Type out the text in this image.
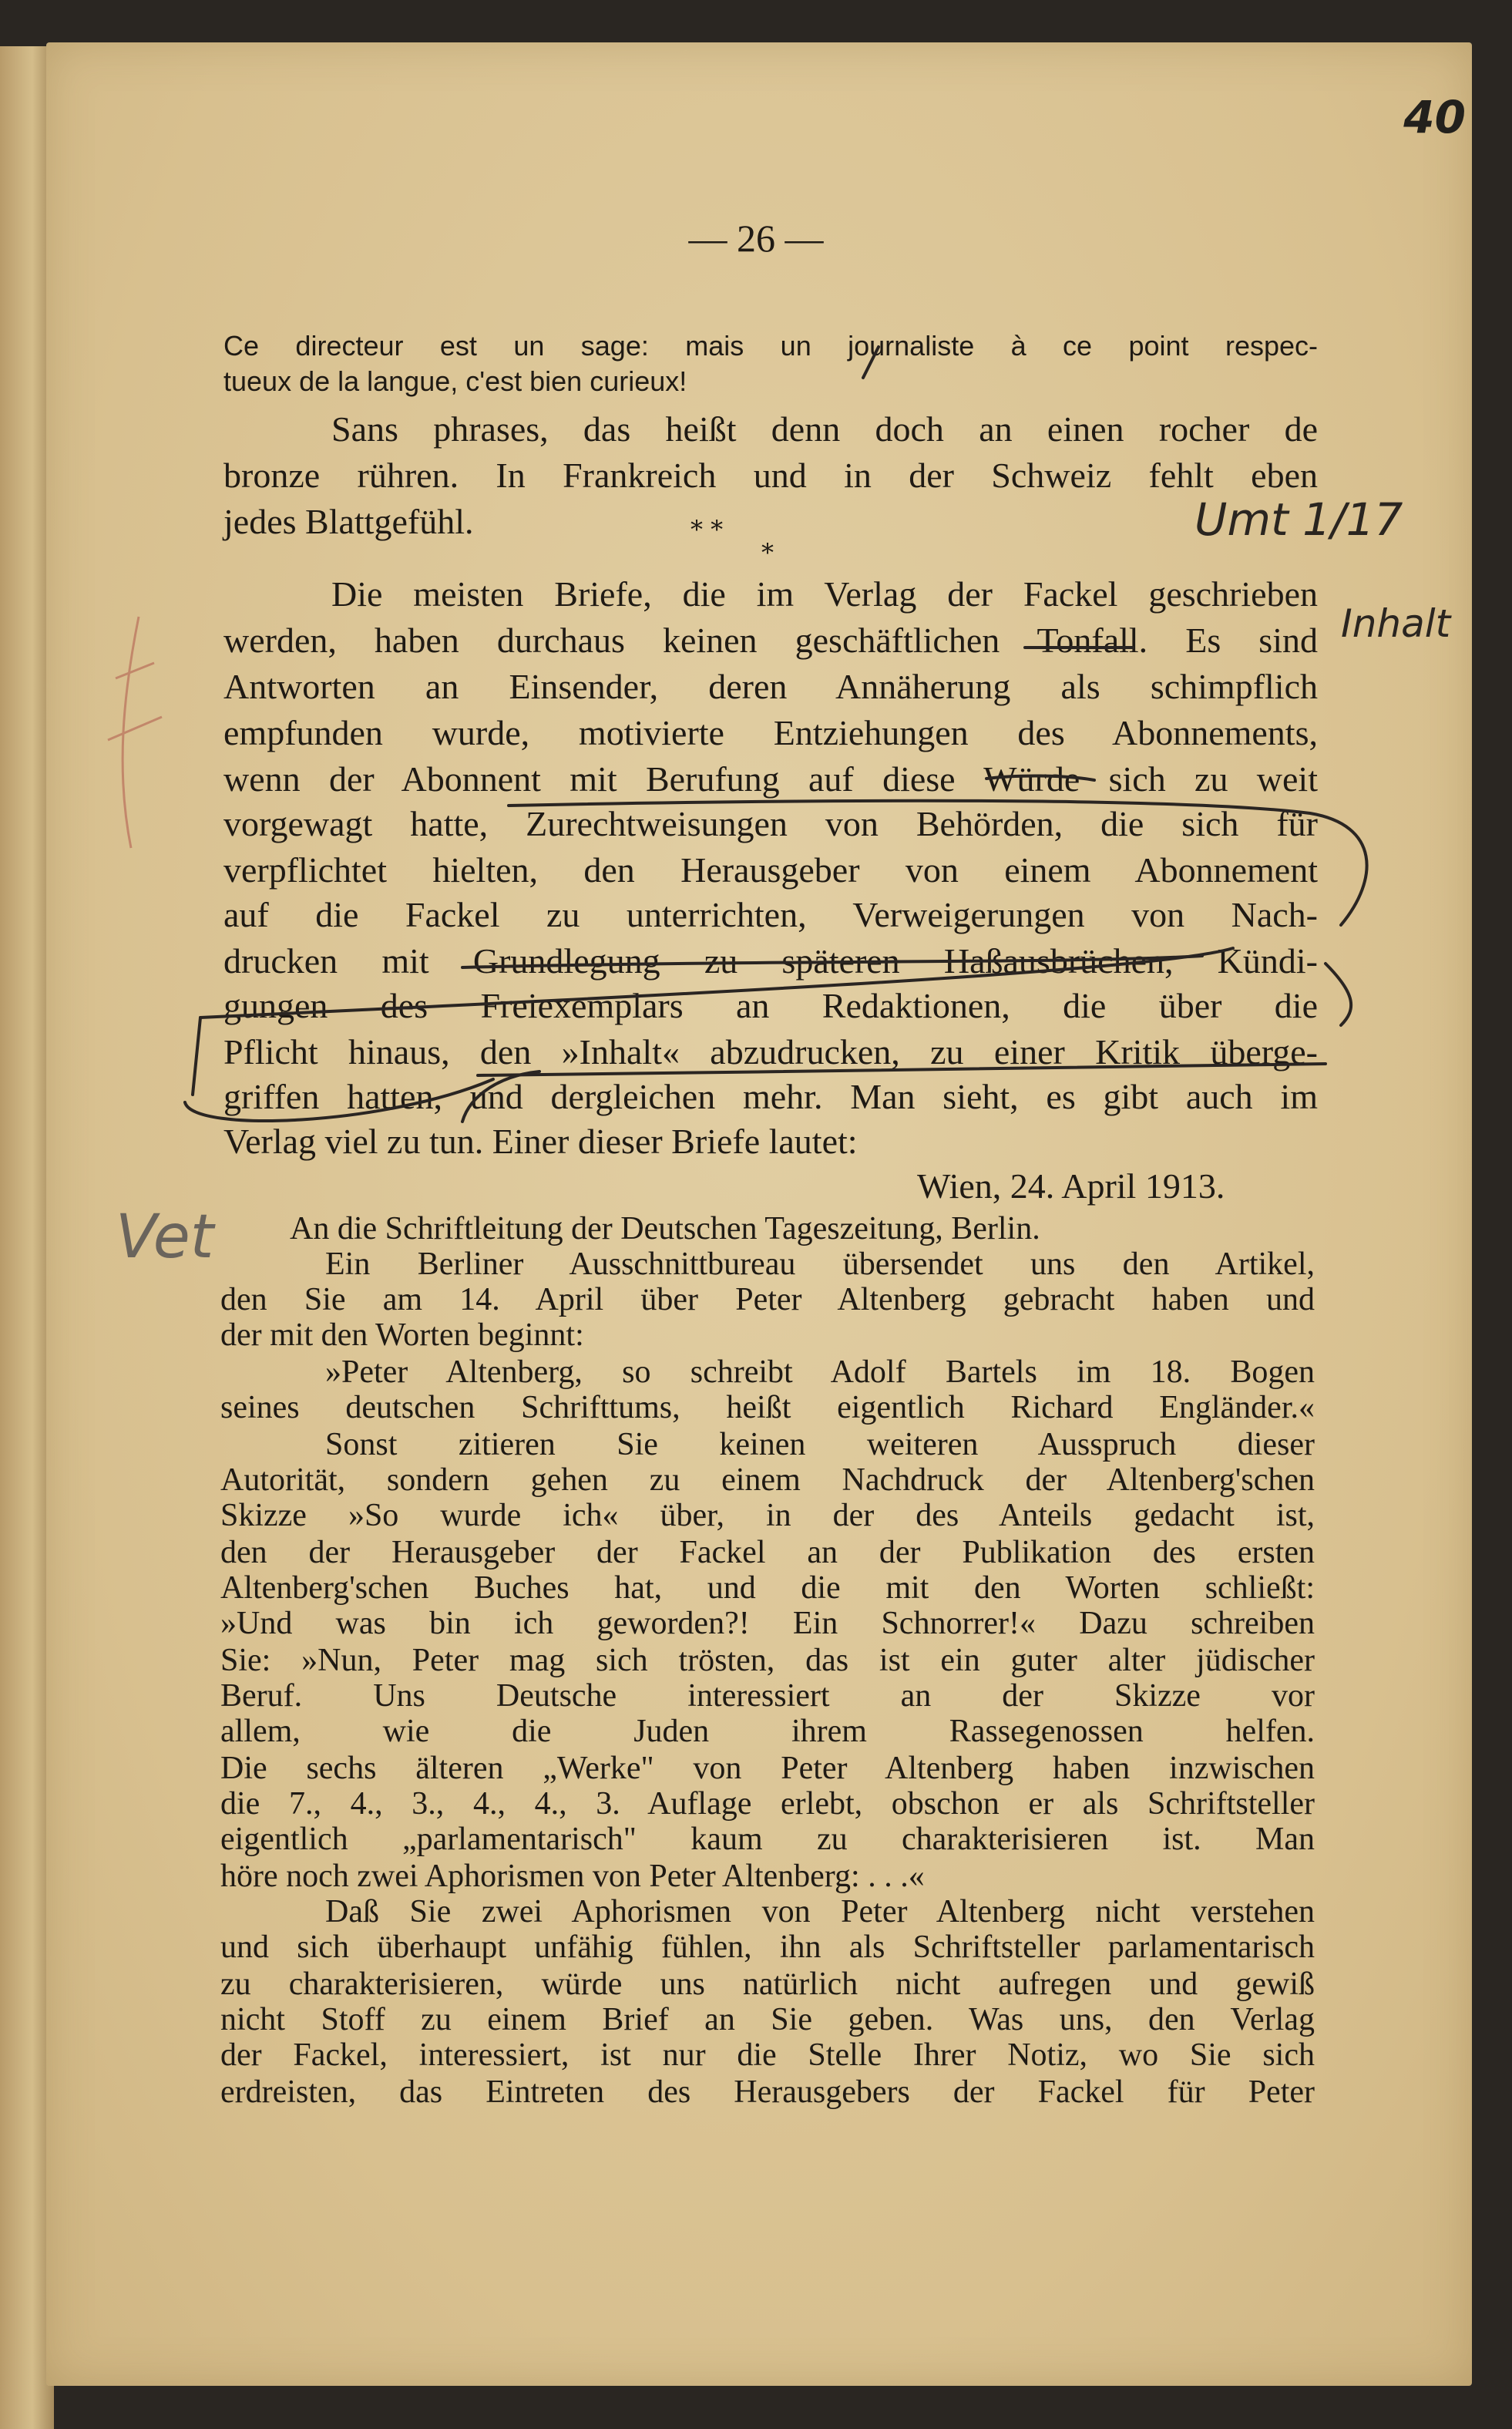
40
— 26 —

Ce directeur est un sage: mais un journaliste à ce point respec-

tueux de la langue, c'est bien curieux!

Sans phrases, das heißt denn doch an einen rocher de

bronze rühren. In Frankreich und in der Schweiz fehlt eben

jedes Blattgefühl.	* *
*

Die meisten Briefe, die im Verlag der Fackel geschrieben

werden, haben durchaus keinen geschäftlichen Tonfall. Es sind

Antworten an Einsender, deren Annäherung als schimpflich

empfunden wurde, motivierte Entziehungen des Abonnements,

wenn der Abonnent mit Berufung auf diese Würde sich zu weit

vorgewagt hatte, Zurechtweisungen von Behörden, die sich für

verpflichtet hielten, den Herausgeber von einem Abonnement

auf die Fackel zu unterrichten, Verweigerungen von Nach-

drucken mit Grundlegung zu späteren Haßausbrüchen, Kündi-

gungen des Freiexemplars an Redaktionen, die über die

Pflicht hinaus, den »Inhalt« abzudrucken, zu einer Kritik überge-

griffen hatten, und dergleichen mehr. Man sieht, es gibt auch im

Verlag viel zu tun. Einer dieser Briefe lautet:

Wien, 24. April 1913.

An die Schriftleitung der Deutschen Tageszeitung, Berlin.

Ein Berliner Ausschnittbureau übersendet uns den Artikel,

den Sie am 14. April über Peter Altenberg gebracht haben und

der mit den Worten beginnt:

»Peter Altenberg, so schreibt Adolf Bartels im 18. Bogen

seines deutschen Schrifttums, heißt eigentlich Richard Engländer.«

Sonst zitieren Sie keinen weiteren Ausspruch dieser

Autorität, sondern gehen zu einem Nachdruck der Altenberg'schen

Skizze »So wurde ich« über, in der des Anteils gedacht ist,

den der Herausgeber der Fackel an der Publikation des ersten

Altenberg'schen Buches hat, und die mit den Worten schließt:

»Und was bin ich geworden?! Ein Schnorrer!« Dazu schreiben

Sie: »Nun, Peter mag sich trösten, das ist ein guter alter jüdischer

Beruf. Uns Deutsche interessiert an der Skizze vor

allem, wie die Juden ihrem Rassegenossen helfen.

Die sechs älteren „Werke" von Peter Altenberg haben inzwischen

die 7., 4., 3., 4., 4., 3. Auflage erlebt, obschon er als Schriftsteller

eigentlich „parlamentarisch" kaum zu charakterisieren ist. Man

höre noch zwei Aphorismen von Peter Altenberg: . . .«

Daß Sie zwei Aphorismen von Peter Altenberg nicht verstehen

und sich überhaupt unfähig fühlen, ihn als Schriftsteller parlamentarisch

zu charakterisieren, würde uns natürlich nicht aufregen und gewiß

nicht Stoff zu einem Brief an Sie geben. Was uns, den Verlag

der Fackel, interessiert, ist nur die Stelle Ihrer Notiz, wo Sie sich

erdreisten, das Eintreten des Herausgebers der Fackel für Peter

Umt 1/17
Inhalt
Vet
